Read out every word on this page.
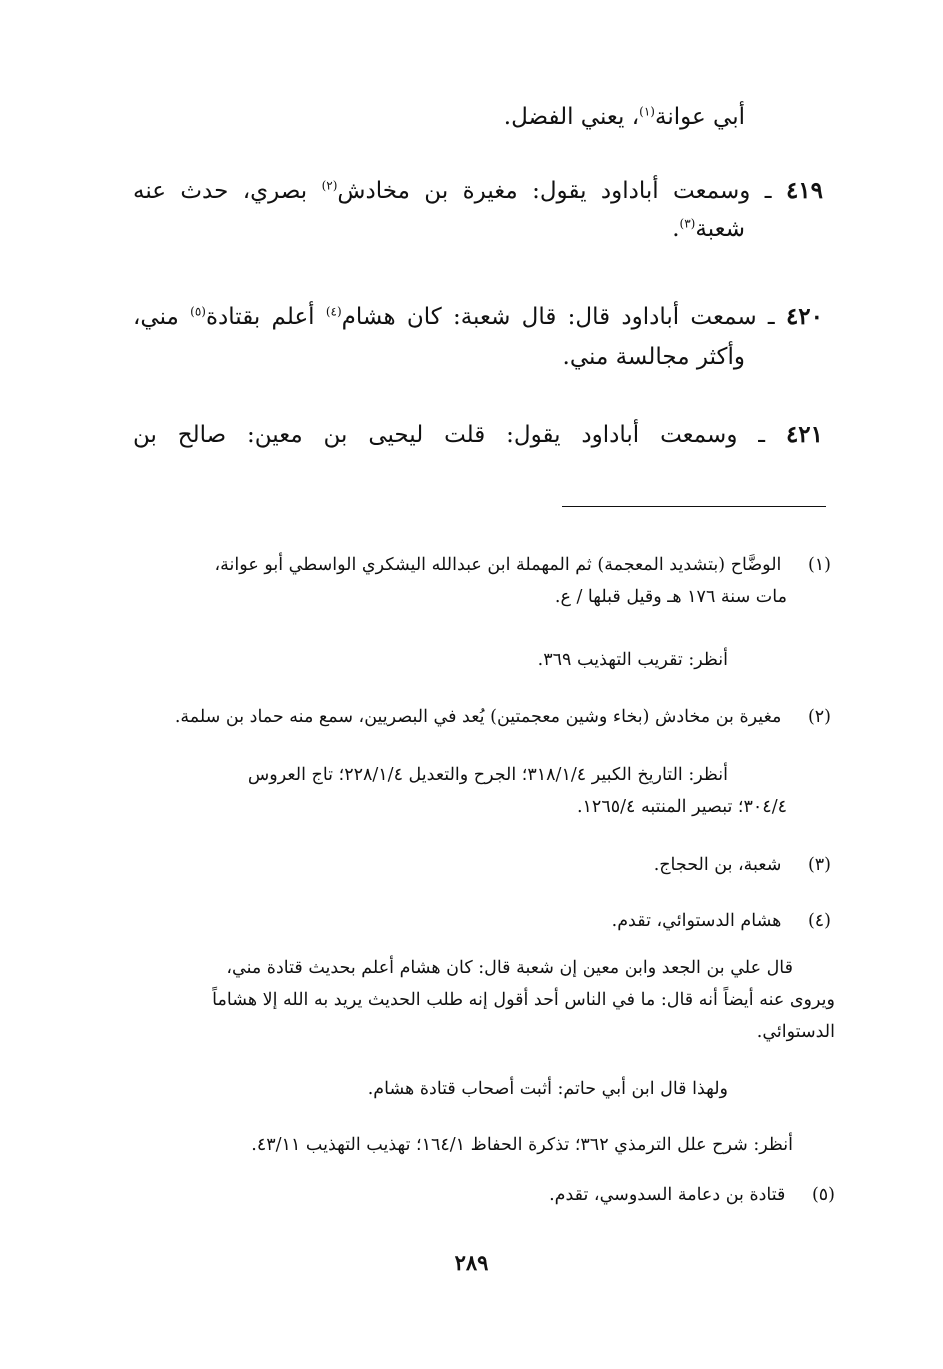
أبي عوانة$^{(١)}$، يعني الفضل.
٤١٩ ـ وسمعت أباداود يقول: مغيرة بن مخادش$^{(٢)}$ بصري، حدث عنه
شعبة$^{(٣)}$.
٤٢٠ ـ سمعت أباداود قال: قال شعبة: كان هشام$^{(٤)}$ أعلم بقتادة$^{(٥)}$ مني،
وأكثر مجالسة مني.
٤٢١ ـ وسمعت أباداود يقول: قلت ليحيى بن معين: صالح بن
(١) الوضَّاح (بتشديد المعجمة) ثم المهملة ابن عبدالله اليشكري الواسطي أبو عوانة،
مات سنة ١٧٦ هـ وقيل قبلها / ع.
أنظر: تقريب التهذيب ٣٦٩.
(٢) مغيرة بن مخادش (بخاء وشين معجمتين) يُعد في البصريين، سمع منه حماد بن سلمة.
أنظر: التاريخ الكبير ٣١٨/١/٤؛ الجرح والتعديل ٢٢٨/١/٤؛ تاج العروس
٣٠٤/٤؛ تبصير المنتبه ١٢٦٥/٤.
(٣) شعبة، بن الحجاج.
(٤) هشام الدستوائي، تقدم.
قال علي بن الجعد وابن معين إن شعبة قال: كان هشام أعلم بحديث قتادة مني،
ويروى عنه أيضاً أنه قال: ما في الناس أحد أقول إنه طلب الحديث يريد به الله إلا هشاماً
الدستوائي.
ولهذا قال ابن أبي حاتم: أثبت أصحاب قتادة هشام.
أنظر: شرح علل الترمذي ٣٦٢؛ تذكرة الحفاظ ١٦٤/١؛ تهذيب التهذيب ٤٣/١١.
(٥) قتادة بن دعامة السدوسي، تقدم.
٢٨٩
